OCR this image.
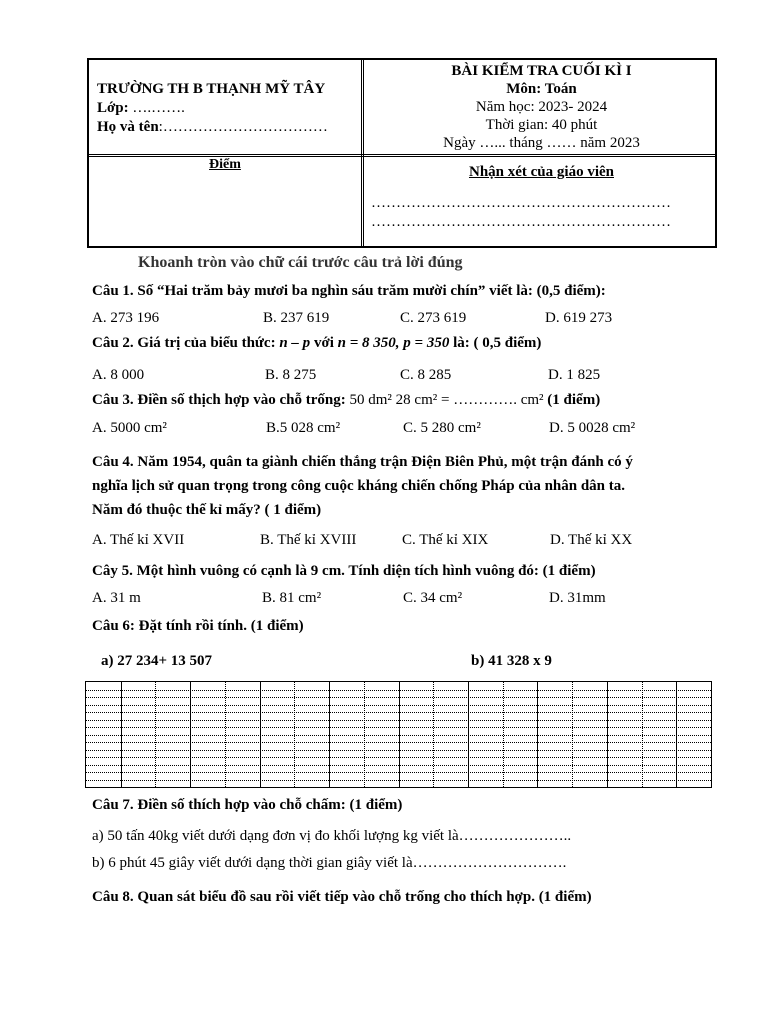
TRƯỜNG TH B THẠNH MỸ TÂY
Lớp: ….…….
Họ và tên:……………………………
BÀI KIỂM TRA CUỐI KÌ I
Môn: Toán
Năm học: 2023- 2024
Thời gian: 40 phút
Ngày …... tháng …… năm 2023
Điểm	Nhận xét của giáo viên
……………………………………………………
……………………………………………………
Khoanh tròn vào chữ cái trước câu trả lời đúng
Câu 1. Số “Hai trăm bảy mươi ba nghìn sáu trăm mười chín” viết là: (0,5 điểm):
A. 273 196	B. 237 619	C. 273 619	D. 619 273
Câu 2. Giá trị của biểu thức: n – p với n = 8 350, p = 350 là: ( 0,5 điểm)
A. 8 000	B. 8 275	C. 8 285	D. 1 825
Câu 3. Điền số thịch hợp vào chỗ trống: 50 dm² 28 cm² = …………. cm² (1 điểm)
A. 5000 cm²	B.5 028 cm²	C. 5 280 cm²	D. 5 0028 cm²
Câu 4. Năm 1954, quân ta giành chiến thắng trận Điện Biên Phủ, một trận đánh có ý
nghĩa lịch sử quan trọng trong công cuộc kháng chiến chống Pháp của nhân dân ta.
Năm đó thuộc thế kỉ mấy? ( 1 điểm)
A. Thế kỉ XVII	B. Thế kỉ XVIII	C. Thế kỉ XIX	D. Thế kỉ XX
Cây 5. Một hình vuông có cạnh là 9 cm. Tính diện tích hình vuông đó: (1 điểm)
A. 31 m	B. 81 cm²	C. 34 cm²	D. 31mm
Câu 6: Đặt tính rồi tính. (1 điểm)
a) 27 234+ 13 507	b) 41 328 x 9
Câu 7. Điền số thích hợp vào chỗ chấm: (1 điểm)
a) 50 tấn 40kg viết dưới dạng đơn vị đo khối lượng kg viết là…………………..
b) 6 phút 45 giây viết dưới dạng thời gian giây viết là………………………….
Câu 8. Quan sát biểu đồ sau rồi viết tiếp vào chỗ trống cho thích hợp. (1 điểm)
